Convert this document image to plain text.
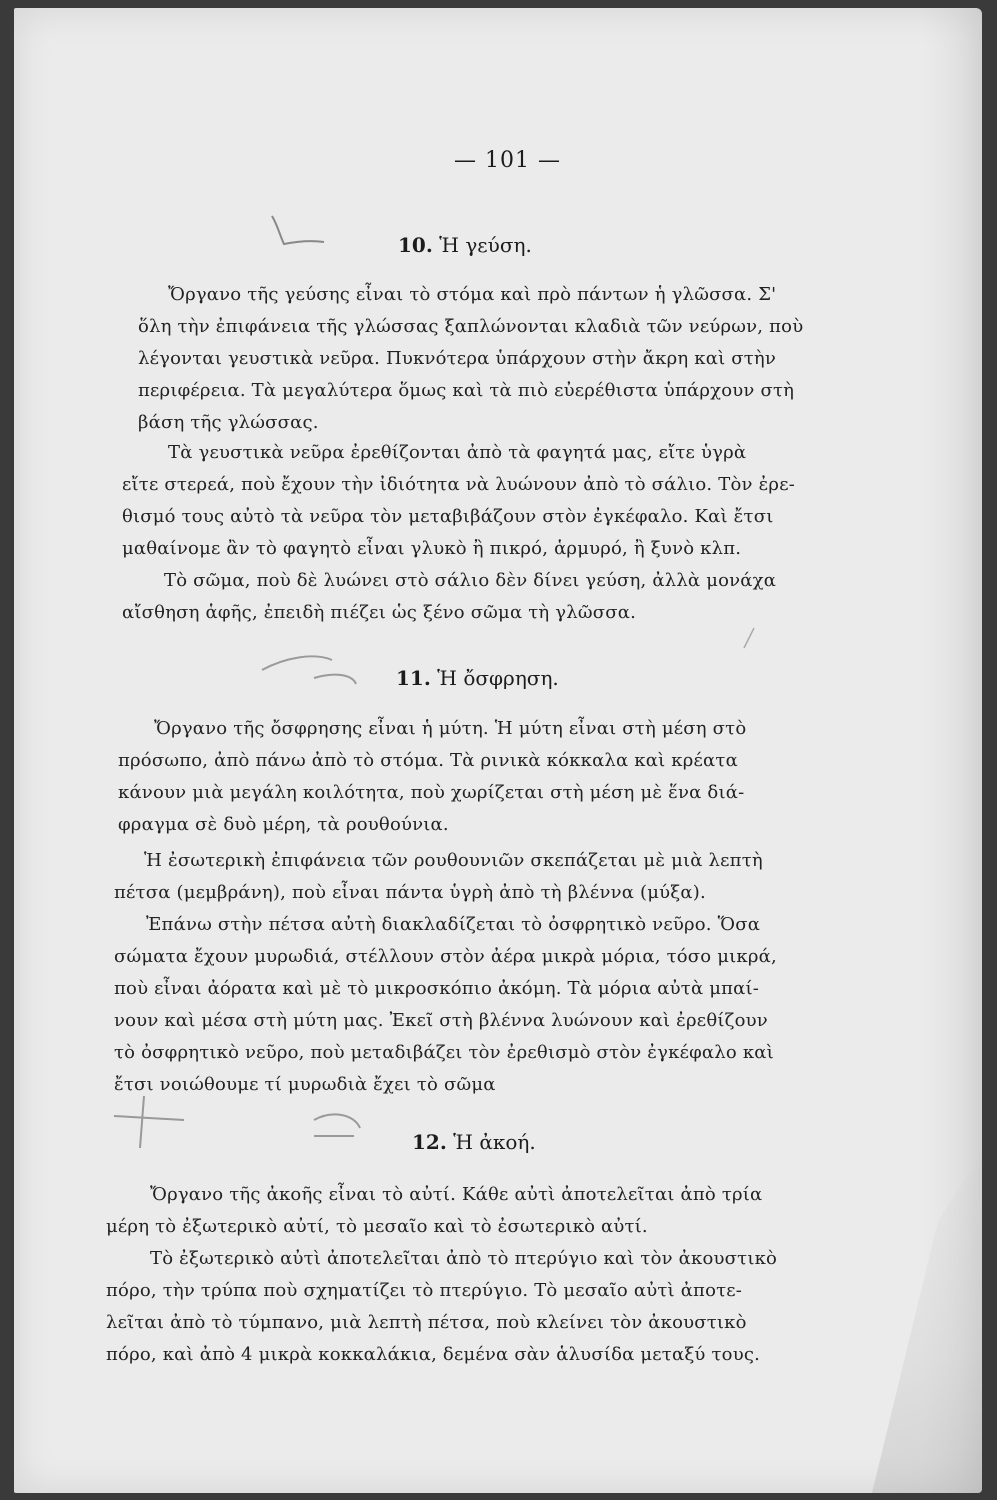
— 101 —
10. Ἡ γεύση.
Ὄργανο τῆς γεύσης εἶναι τὸ στόμα καὶ πρὸ πάντων ἡ γλῶσσα. Σ'
ὅλη τὴν ἐπιφάνεια τῆς γλώσσας ξαπλώνονται κλαδιὰ τῶν νεύρων, ποὺ
λέγονται γευστικὰ νεῦρα. Πυκνότερα ὑπάρχουν στὴν ἄκρη καὶ στὴν
περιφέρεια. Τὰ μεγαλύτερα ὅμως καὶ τὰ πιὸ εὐερέθιστα ὑπάρχουν στὴ
βάση τῆς γλώσσας.
Τὰ γευστικὰ νεῦρα ἐρεθίζονται ἀπὸ τὰ φαγητά μας, εἴτε ὑγρὰ
εἴτε στερεά, ποὺ ἔχουν τὴν ἰδιότητα νὰ λυώνουν ἀπὸ τὸ σάλιο. Τὸν ἐρε-
θισμό τους αὐτὸ τὰ νεῦρα τὸν μεταβιβάζουν στὸν ἐγκέφαλο. Καὶ ἔτσι
μαθαίνομε ἂν τὸ φαγητὸ εἶναι γλυκὸ ἢ πικρό, ἁρμυρό, ἢ ξυνὸ κλπ.
Τὸ σῶμα, ποὺ δὲ λυώνει στὸ σάλιο δὲν δίνει γεύση, ἀλλὰ μονάχα
αἴσθηση ἁφῆς, ἐπειδὴ πιέζει ὡς ξένο σῶμα τὴ γλῶσσα.
11. Ἡ ὄσφρηση.
Ὄργανο τῆς ὄσφρησης εἶναι ἡ μύτη. Ἡ μύτη εἶναι στὴ μέση στὸ
πρόσωπο, ἀπὸ πάνω ἀπὸ τὸ στόμα. Τὰ ρινικὰ κόκκαλα καὶ κρέατα
κάνουν μιὰ μεγάλη κοιλότητα, ποὺ χωρίζεται στὴ μέση μὲ ἕνα διά-
φραγμα σὲ δυὸ μέρη, τὰ ρουθούνια.
Ἡ ἐσωτερικὴ ἐπιφάνεια τῶν ρουθουνιῶν σκεπάζεται μὲ μιὰ λεπτὴ
πέτσα (μεμβράνη), ποὺ εἶναι πάντα ὑγρὴ ἀπὸ τὴ βλέννα (μύξα).
Ἐπάνω στὴν πέτσα αὐτὴ διακλαδίζεται τὸ ὀσφρητικὸ νεῦρο. Ὅσα
σώματα ἔχουν μυρωδιά, στέλλουν στὸν ἀέρα μικρὰ μόρια, τόσο μικρά,
ποὺ εἶναι ἀόρατα καὶ μὲ τὸ μικροσκόπιο ἀκόμη. Τὰ μόρια αὐτὰ μπαί-
νουν καὶ μέσα στὴ μύτη μας. Ἐκεῖ στὴ βλέννα λυώνουν καὶ ἐρεθίζουν
τὸ ὀσφρητικὸ νεῦρο, ποὺ μεταδιβάζει τὸν ἐρεθισμὸ στὸν ἐγκέφαλο καὶ
ἔτσι νοιώθουμε τί μυρωδιὰ ἔχει τὸ σῶμα
12. Ἡ ἀκοή.
Ὄργανο τῆς ἀκοῆς εἶναι τὸ αὐτί. Κάθε αὐτὶ ἀποτελεῖται ἀπὸ τρία
μέρη τὸ ἐξωτερικὸ αὐτί, τὸ μεσαῖο καὶ τὸ ἐσωτερικὸ αὐτί.
Τὸ ἐξωτερικὸ αὐτὶ ἀποτελεῖται ἀπὸ τὸ πτερύγιο καὶ τὸν ἀκουστικὸ
πόρο, τὴν τρύπα ποὺ σχηματίζει τὸ πτερύγιο. Τὸ μεσαῖο αὐτὶ ἀποτε-
λεῖται ἀπὸ τὸ τύμπανο, μιὰ λεπτὴ πέτσα, ποὺ κλείνει τὸν ἀκουστικὸ
πόρο, καὶ ἀπὸ 4 μικρὰ κοκκαλάκια, δεμένα σὰν ἁλυσίδα μεταξύ τους.
